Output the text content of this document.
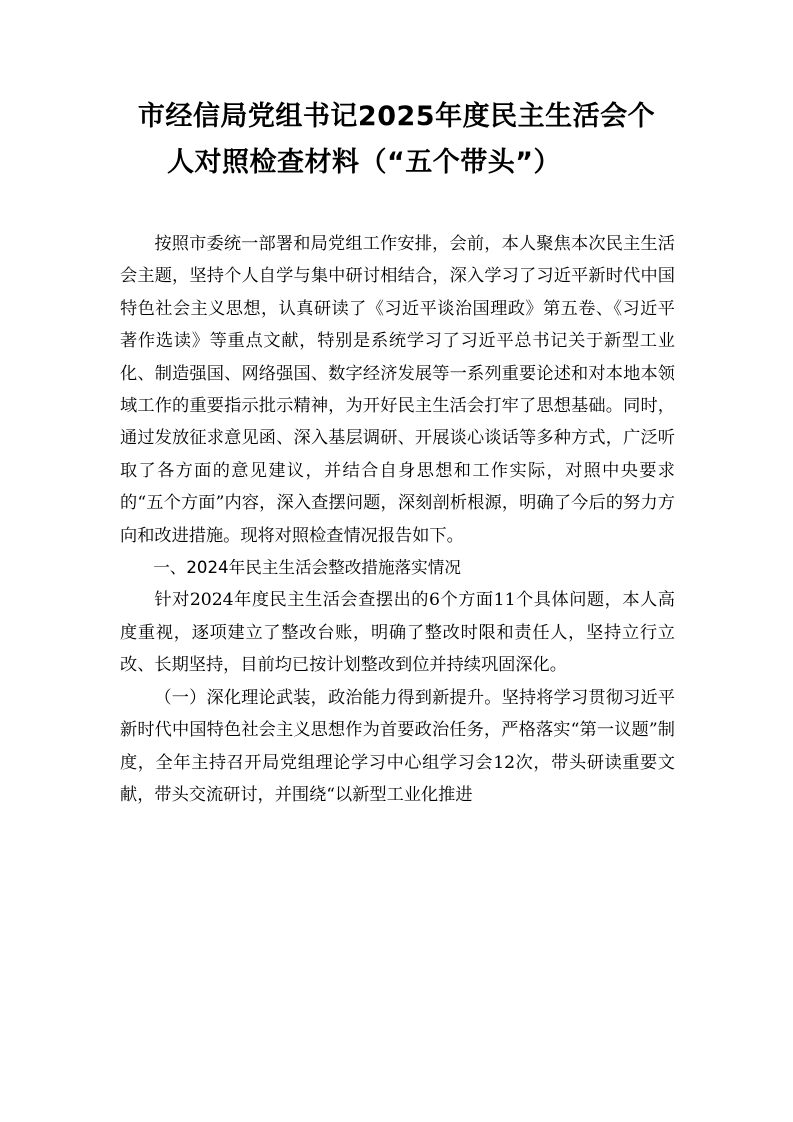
市经信局党组书记2025年度民主生活会个
人对照检查材料（“五个带头”）

按照市委统一部署和局党组工作安排，会前，本人聚焦本次民主生活会主题，坚持个人自学与集中研讨相结合，深入学习了习近平新时代中国特色社会主义思想，认真研读了《习近平谈治国理政》第五卷、《习近平著作选读》等重点文献，特别是系统学习了习近平总书记关于新型工业化、制造强国、网络强国、数字经济发展等一系列重要论述和对本地本领域工作的重要指示批示精神，为开好民主生活会打牢了思想基础。同时，通过发放征求意见函、深入基层调研、开展谈心谈话等多种方式，广泛听取了各方面的意见建议，并结合自身思想和工作实际，对照中央要求的“五个方面”内容，深入查摆问题，深刻剖析根源，明确了今后的努力方向和改进措施。现将对照检查情况报告如下。

一、2024年民主生活会整改措施落实情况

针对2024年度民主生活会查摆出的6个方面11个具体问题，本人高度重视，逐项建立了整改台账，明确了整改时限和责任人，坚持立行立改、长期坚持，目前均已按计划整改到位并持续巩固深化。

（一）深化理论武装，政治能力得到新提升。坚持将学习贯彻习近平新时代中国特色社会主义思想作为首要政治任务，严格落实“第一议题”制度，全年主持召开局党组理论学习中心组学习会12次，带头研读重要文献，带头交流研讨，并围绕“以新型工业化推进
